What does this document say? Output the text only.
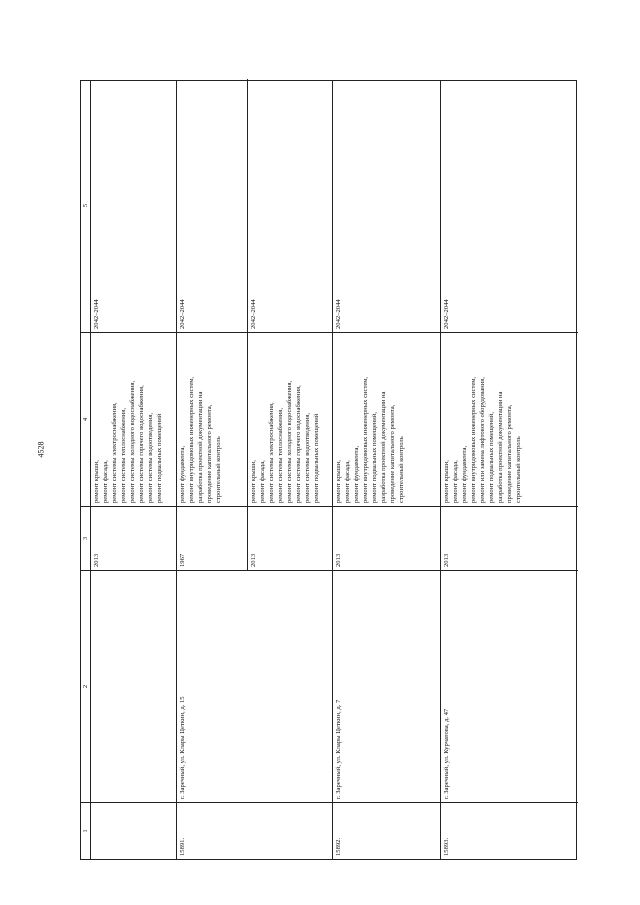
4528
1
2
3
4
5
2013
ремонт крыши, ремонт фасада, ремонт системы электроснабжения, ремонт системы теплоснабжения, ремонт системы холодного водоснабжения, ремонт системы горячего водоснабжения, ремонт системы водоотведения, ремонт подвальных помещений
2042–2044
15891.
г. Заречный, ул. Клары Цеткин, д. 15
1967
ремонт фундамента, ремонт внутридомовых инженерных систем, разработка проектной документации на проведение капитального ремонта, строительный контроль
2042–2044
2013
ремонт крыши, ремонт фасада, ремонт системы электроснабжения, ремонт системы теплоснабжения, ремонт системы холодного водоснабжения, ремонт системы горячего водоснабжения, ремонт системы водоотведения, ремонт подвальных помещений
2042–2044
15892.
г. Заречный, ул. Клары Цеткин, д. 7
2013
ремонт крыши, ремонт фасада, ремонт фундамента, ремонт внутридомовых инженерных систем, ремонт подвальных помещений, разработка проектной документации на проведение капитального ремонта, строительный контроль
2042–2044
15893.
г. Заречный, ул. Курчатова, д. 47
2013
ремонт крыши, ремонт фасада, ремонт фундамента, ремонт внутридомовых инженерных систем, ремонт или замена лифтового оборудования, ремонт подвальных помещений, разработка проектной документации на проведение капитального ремонта, строительный контроль
2042–2044
